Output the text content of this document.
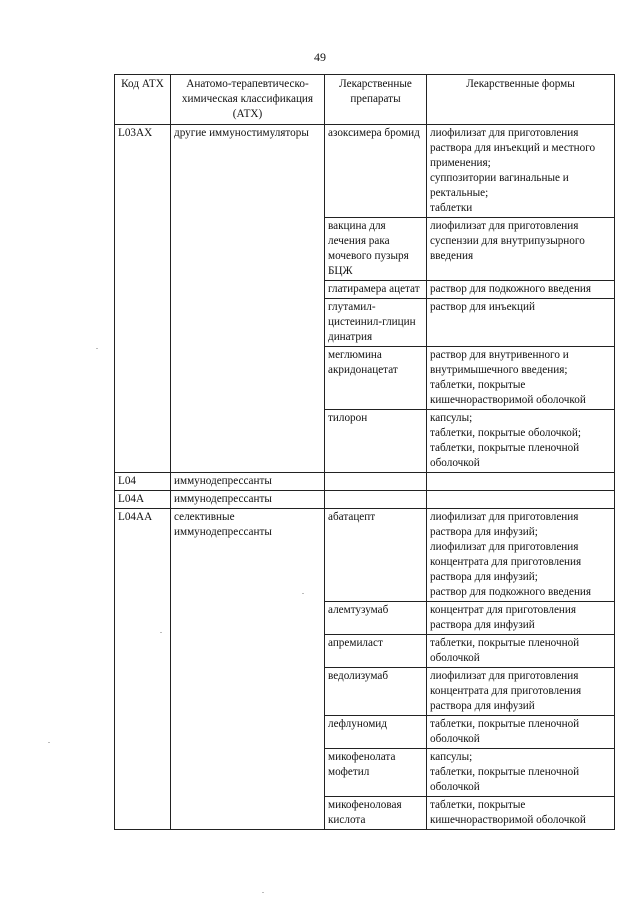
49
Код АТХ	Анатомо-терапевтическо-химическая классификация (АТХ)	Лекарственные препараты	Лекарственные формы
L03AX	другие иммуностимуляторы	азоксимера бромид	лиофилизат для приготовления раствора для инъекций и местного применения;
суппозитории вагинальные и ректальные;
таблетки

		вакцина для лечения рака мочевого пузыря БЦЖ	лиофилизат для приготовления суспензии для внутрипузырного введения

		глатирамера ацетат	раствор для подкожного введения

		глутамил-цистеинил-глицин динатрия	раствор для инъекций

		меглюмина акридонацетат	раствор для внутривенного и внутримышечного введения;
таблетки, покрытые кишечнорастворимой оболочкой

		тилорон	капсулы;
таблетки, покрытые оболочкой;
таблетки, покрытые пленочной оболочкой

L04	иммунодепрессанты		
L04A	иммунодепрессанты		
L04AA	селективные иммунодепрессанты	абатацепт	лиофилизат для приготовления раствора для инфузий;
лиофилизат для приготовления концентрата для приготовления раствора для инфузий;
раствор для подкожного введения

		алемтузумаб	концентрат для приготовления раствора для инфузий

		апремиласт	таблетки, покрытые пленочной оболочкой

		ведолизумаб	лиофилизат для приготовления концентрата для приготовления раствора для инфузий

		лефлуномид	таблетки, покрытые пленочной оболочкой

		микофенолата мофетил	капсулы;
таблетки, покрытые пленочной оболочкой

		микофеноловая кислота	таблетки, покрытые кишечнорастворимой оболочкой
